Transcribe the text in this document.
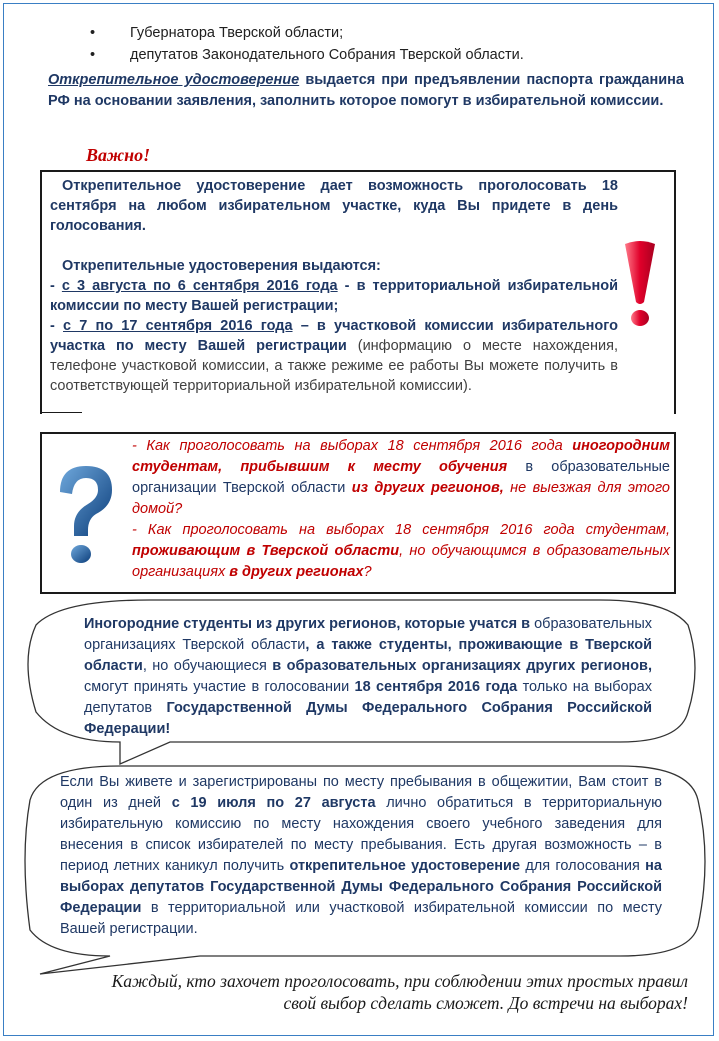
• Губернатора Тверской области;
• депутатов Законодательного Собрания Тверской области.

Открепительное удостоверение выдается при предъявлении паспорта гражданина РФ на основании заявления, заполнить которое помогут в избирательной комиссии.

Важно!

Открепительное удостоверение дает возможность проголосовать 18 сентября на любом избирательном участке, куда Вы придете в день голосования.

Открепительные удостоверения выдаются:

- с 3 августа по 6 сентября 2016 года - в территориальной избирательной комиссии по месту Вашей регистрации;

- с 7 по 17 сентября 2016 года – в участковой комиссии избирательного участка по месту Вашей регистрации (информацию о месте нахождения, телефоне участковой комиссии, а также режиме ее работы Вы можете получить в соответствующей территориальной избирательной комиссии).

- Как проголосовать на выборах 18 сентября 2016 года иногородним студентам, прибывшим к месту обучения в образовательные организации Тверской области из других регионов, не выезжая для этого домой?

- Как проголосовать на выборах 18 сентября 2016 года студентам, проживающим в Тверской области, но обучающимся в образовательных организациях в других регионах?

Иногородние студенты из других регионов, которые учатся в образовательных организациях Тверской области, а также студенты, проживающие в Тверской области, но обучающиеся в образовательных организациях других регионов, смогут принять участие в голосовании 18 сентября 2016 года только на выборах депутатов Государственной Думы Федерального Собрания Российской Федерации!

Если Вы живете и зарегистрированы по месту пребывания в общежитии, Вам стоит в один из дней с 19 июля по 27 августа лично обратиться в территориальную избирательную комиссию по месту нахождения своего учебного заведения для внесения в список избирателей по месту пребывания. Есть другая возможность – в период летних каникул получить открепительное удостоверение для голосования на выборах депутатов Государственной Думы Федерального Собрания Российской Федерации в территориальной или участковой избирательной комиссии по месту Вашей регистрации.

Каждый, кто захочет проголосовать, при соблюдении этих простых правил свой выбор сделать сможет. До встречи на выборах!
